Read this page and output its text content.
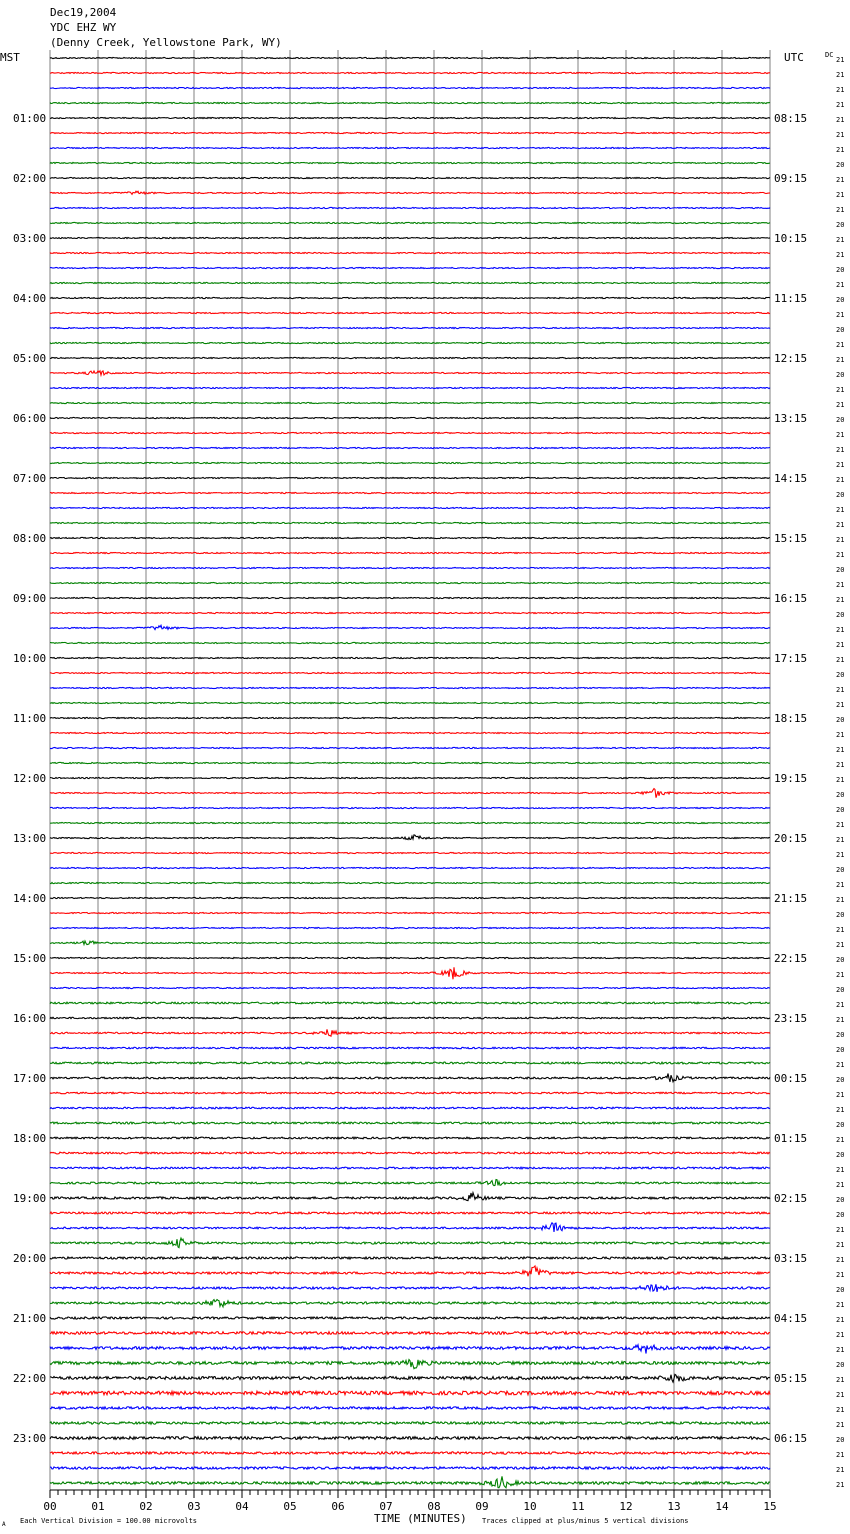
Dec19,2004
YDC EHZ WY
(Denny Creek, Yellowstone Park, WY)
MST	UTC	DC
01:00
02:00
03:00
04:00
05:00
06:00
07:00
08:00
09:00
10:00
11:00
12:00
13:00
14:00
15:00
16:00
17:00
18:00
19:00
20:00
21:00
22:00
23:00
08:15
09:15
10:15
11:15
12:15
13:15
14:15
15:15
16:15
17:15
18:15
19:15
20:15
21:15
22:15
23:15
00:15
01:15
02:15
03:15
04:15
05:15
06:15
21
21
21
21
21
21
21
20
21
21
21
20
21
21
20
21
20
21
20
21
21
20
21
21
20
21
21
21
21
20
21
21
21
21
20
21
21
20
21
21
21
20
21
21
20
21
21
21
21
20
20
21
21
21
20
21
21
20
21
21
20
21
20
21
21
20
20
21
20
21
21
20
21
20
21
21
20
20
21
21
21
21
20
21
21
21
21
20
21
21
21
21
20
21
21
21
00	01	02	03	04	05	06	07	08	09	10	11	12	13	14	15
TIME (MINUTES)
Each Vertical Division = 100.00 microvolts	Traces clipped at plus/minus 5 vertical divisions
A
